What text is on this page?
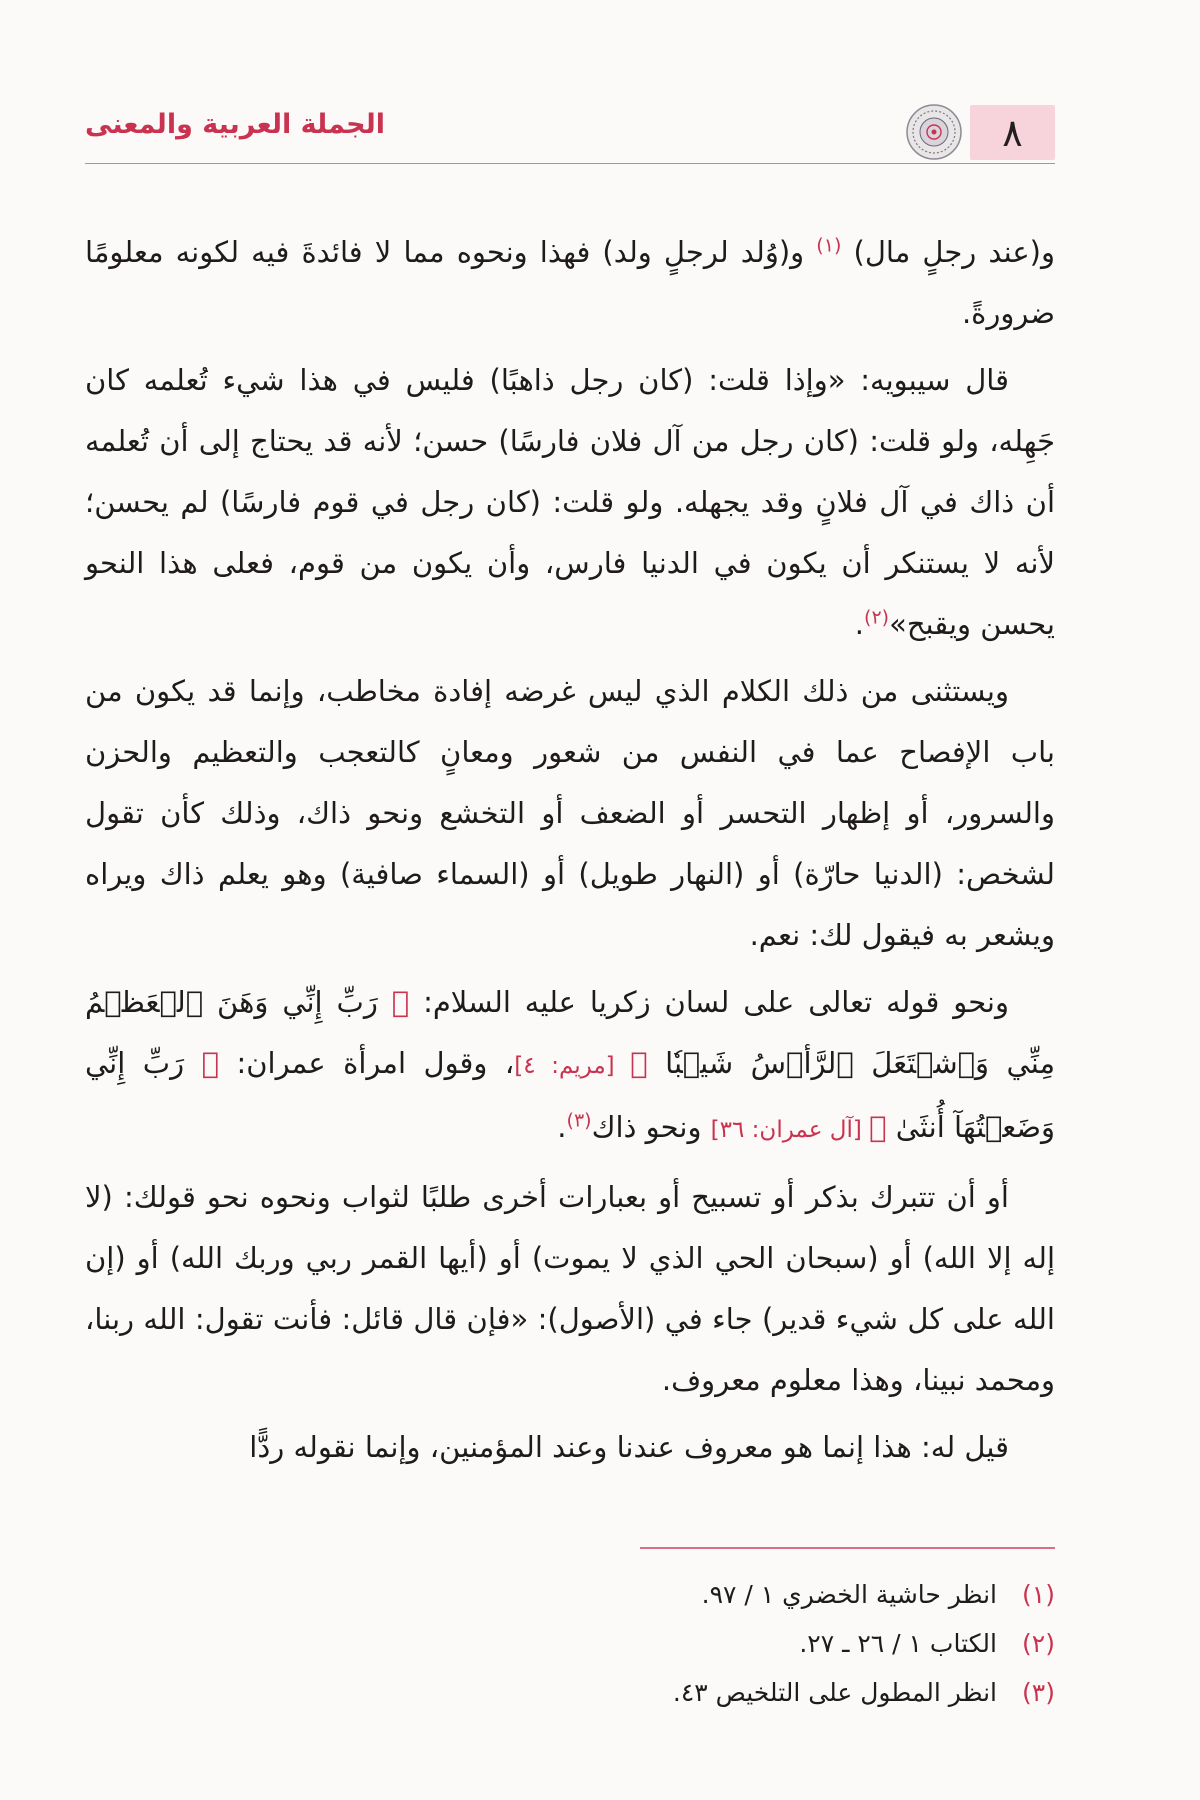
الجملة العربية والمعنى	٨

و(عند رجلٍ مال) $^{(١)}$ و(وُلد لرجلٍ ولد) فهذا ونحوه مما لا فائدةَ فيه لكونه معلومًا ضرورةً.

قال سيبويه: «وإذا قلت: (كان رجل ذاهبًا) فليس في هذا شيء تُعلمه كان جَهِله، ولو قلت: (كان رجل من آل فلان فارسًا) حسن؛ لأنه قد يحتاج إلى أن تُعلمه أن ذاك في آل فلانٍ وقد يجهله. ولو قلت: (كان رجل في قوم فارسًا) لم يحسن؛ لأنه لا يستنكر أن يكون في الدنيا فارس، وأن يكون من قوم، فعلى هذا النحو يحسن ويقبح»$^{(٢)}$.

ويستثنى من ذلك الكلام الذي ليس غرضه إفادة مخاطب، وإنما قد يكون من باب الإفصاح عما في النفس من شعور ومعانٍ كالتعجب والتعظيم والحزن والسرور، أو إظهار التحسر أو الضعف أو التخشع ونحو ذاك، وذلك كأن تقول لشخص: (الدنيا حارّة) أو (النهار طويل) أو (السماء صافية) وهو يعلم ذاك ويراه ويشعر به فيقول لك: نعم.

ونحو قوله تعالى على لسان زكريا عليه السلام: ﴿ رَبِّ إِنِّي وَهَنَ ٱلۡعَظۡمُ مِنِّي وَٱشۡتَعَلَ ٱلرَّأۡسُ شَيۡبٗا ﴾ [مريم: ٤]، وقول امرأة عمران: ﴿ رَبِّ إِنِّي وَضَعۡتُهَآ أُنثَىٰ ﴾ [آل عمران: ٣٦] ونحو ذاك$^{(٣)}$.

أو أن تتبرك بذكر أو تسبيح أو بعبارات أخرى طلبًا لثواب ونحوه نحو قولك: (لا إله إلا الله) أو (سبحان الحي الذي لا يموت) أو (أيها القمر ربي وربك الله) أو (إن الله على كل شيء قدير) جاء في (الأصول): «فإن قال قائل: فأنت تقول: الله ربنا، ومحمد نبينا، وهذا معلوم معروف.

قيل له: هذا إنما هو معروف عندنا وعند المؤمنين، وإنما نقوله ردًّا

(١)
انظر حاشية الخضري ١ / ٩٧.
(٢)
الكتاب ١ / ٢٦ ـ ٢٧.
(٣)
انظر المطول على التلخيص ٤٣.
